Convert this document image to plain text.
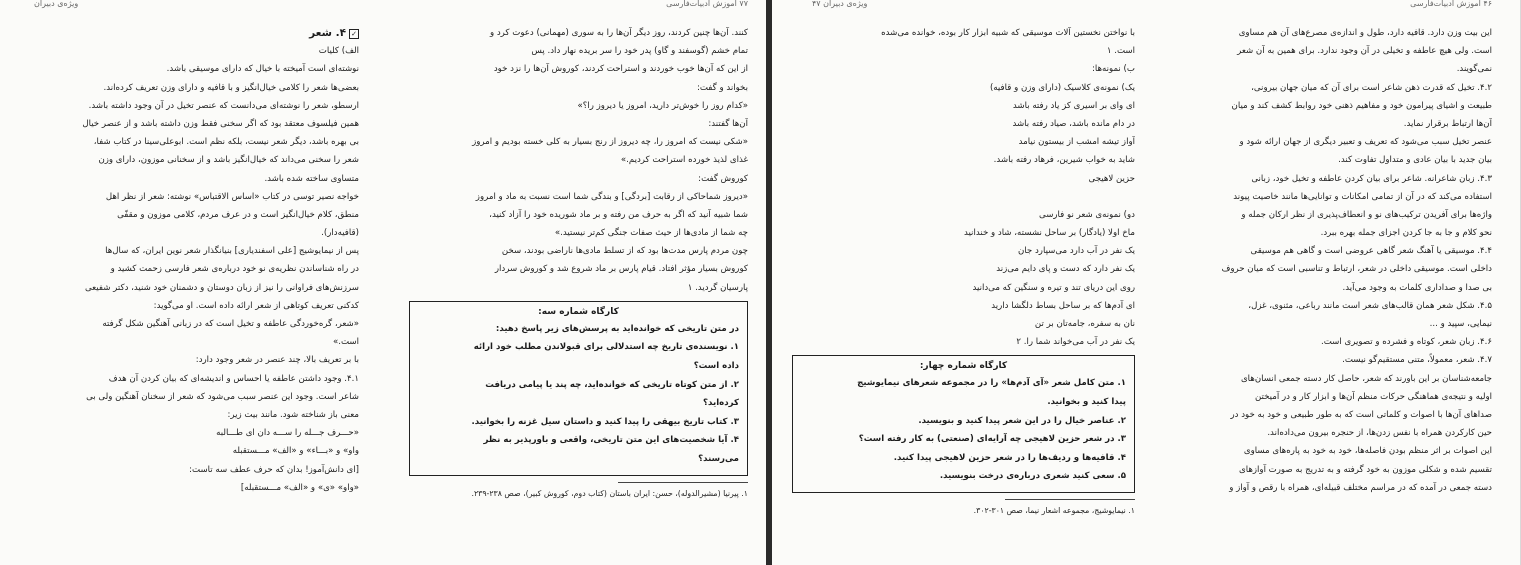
ویژه‌ی دبیران
✓۴. شعر
الف) کلیات
نوشته‌ای است آمیخته با خیال که دارای موسیقی باشد.
بعضی‌ها شعر را کلامی خیال‌انگیز و با قافیه و دارای وزن تعریف کرده‌اند.
ارسطو، شعر را نوشته‌ای می‌دانست که عنصر تخیل در آن وجود داشته باشد.
همین فیلسوف معتقد بود که اگر سخنی فقط وزن داشته باشد و از عنصر خیال
بی بهره باشد، دیگر شعر نیست، بلکه نظم است. ابوعلی‌سینا در کتاب شفا،
شعر را سخنی می‌داند که خیال‌انگیز باشد و از سخنانی موزون، دارای وزن
متساوی ساخته شده باشد.
خواجه نصیر توسی در کتاب «اساس الاقتباس» نوشته: شعر از نظر اهل
منطق، کلام خیال‌انگیز است و در عرف مردم، کلامی موزون و مقفّی
(قافیه‌دار).
پس از نیمایوشیج [علی اسفندیاری] بنیانگذار شعر نوین ایران، که سال‌ها
در راه شناساندن نظریه‌ی نو خود درباره‌ی شعر فارسی زحمت کشید و
سرزنش‌های فراوانی را نیز از زبان دوستان و دشمنان خود شنید، دکتر شفیعی
کدکنی تعریف کوتاهی از شعر ارائه داده است. او می‌گوید:
«شعر، گره‌خوردگی عاطفه و تخیل است که در زبانی آهنگین شکل گرفته
است.»
با بر تعریف بالا، چند عنصر در شعر وجود دارد:
۴.۱. وجود داشتن عاطفه یا احساس و اندیشه‌ای که بیان کردن آن هدف
شاعر است. وجود این عنصر سبب می‌شود که شعر از سخنان آهنگین ولی بی
معنی باز شناخته شود. مانند بیت زیر:
«حـــرف جـــله را ســـه دان ای طـــالبه
واو» و «بـــاء» و «الف» مـــستقبله
[ای دانش‌آموز! بدان که حرف عطف سه تاست:
«واو» «ی» و «الف» مـــستقبله]
۷۷ آموزش ادبیات‌فارسی
کنند. آن‌ها چنین کردند، روز دیگر آن‌ها را به سوری (مهمانی) دعوت کرد و
تمام خشم (گوسفند و گاو) پدر خود را سر بریده نهار داد. پس
از این که آن‌ها خوب خوردند و استراحت کردند، کوروش آن‌ها را نزد خود
بخواند و گفت:
«کدام روز را خوش‌تر دارید، امروز یا دیروز را؟»
آن‌ها گفتند:
«شکی نیست که امروز را، چه دیروز از رنج بسیار به کلی خسته بودیم و امروز
غذای لذیذ خورده استراحت کردیم.»
کوروش گفت:
«دیروز شماحاکی از رقابت [بردگی] و بندگی شما است نسبت به ماد و امروز
شما شبیه آنید که اگر به حرف من رفته و بر ماد شوریده خود را آزاد کنید،
چه شما از مادی‌ها از حیث صفات جنگی کم‌تر نیستید.»
چون مردم پارس مدت‌ها بود که از تسلط مادی‌ها ناراضی بودند، سخن
کوروش بسیار مؤثر افتاد. قیام پارس بر ماد شروع شد و کوروش سردار
پارسیان گردید. ۱
کارگاه شماره سه:
در متن تاریخی که خوانده‌اید به پرسش‌های زیر پاسخ دهید:
۱. نویسنده‌ی تاریخ چه استدلالی برای قبولاندن مطلب خود ارائه
داده است؟
۲. از متن کوتاه تاریخی که خوانده‌اید، چه پند یا پیامی دریافت
کرده‌اید؟
۳. کتاب تاریخ بیهقی را پیدا کنید و داستان سیل غزنه را بخوانید.
۴. آیا شخصیت‌های این متن تاریخی، واقعی و باورپذیر به نظر
می‌رسند؟
۱. پیرنیا (مشیرالدوله)، حسن: ایران باستان (کتاب دوم، کوروش کبیر)، صص ۲۳۸-۲۳۹.
۴۷ ویژه‌ی دبیران
با نواختن نخستین آلات موسیقی که شبیه ابزار کار بوده، خوانده می‌شده
است. ۱
ب) نمونه‌ها:
یک) نمونه‌ی کلاسیک (دارای وزن و قافیه)
ای وای بر اسیری کز یاد رفته باشد
در دام مانده باشد، صیاد رفته باشد
آواز تیشه امشب از بیستون نیامد
شاید به خواب شیرین، فرهاد رفته باشد.
حزین لاهیجی
دو) نمونه‌ی شعر نو فارسی
ماخ اولا (یادگار) بر ساحل نشسته، شاد و خندانید
یک نفر در آب دارد می‌سپارد جان
یک نفر دارد که دست و پای دایم می‌زند
روی این دریای تند و تیره و سنگین که می‌دانید
ای آدم‌ها که بر ساحل بساط دلگشا دارید
نان به سفره، جامه‌تان بر تن
یک نفر در آب می‌خواند شما را. ۲
کارگاه شماره چهار:
۱. متن کامل شعر «آی آدم‌ها» را در مجموعه شعرهای نیمایوشیج
پیدا کنید و بخوانید.
۲. عناصر خیال را در این شعر پیدا کنید و بنویسید.
۳. در شعر حزین لاهیجی چه آرایه‌ای (صنعتی) به کار رفته است؟
۴. قافیه‌ها و ردیف‌ها را در شعر حزین لاهیجی پیدا کنید.
۵. سعی کنید شعری درباره‌ی درخت بنویسید.
۱. نیمایوشیج، مجموعه اشعار نیما، صص ۳۰۱-۳۰۲.
۴۶ آموزش ادبیات‌فارسی
این بیت وزن دارد. قافیه دارد، طول و اندازه‌ی مصرع‌های آن هم مساوی
است. ولی هیچ عاطفه و تخیلی در آن وجود ندارد. برای همین به آن شعر
نمی‌گویند.
۴.۲. تخیل که قدرت ذهن شاعر است برای آن که میان جهان بیرونی،
طبیعت و اشیای پیرامون خود و مفاهیم ذهنی خود روابط کشف کند و میان
آن‌ها ارتباط برقرار نماید.
عنصر تخیل سبب می‌شود که تعریف و تعبیر دیگری از جهان ارائه شود و
بیان جدید با بیان عادی و متداول تفاوت کند.
۴.۳. زبان شاعرانه. شاعر برای بیان کردن عاطفه و تخیل خود، زبانی
استفاده می‌کند که در آن از تمامی امکانات و توانایی‌ها مانند خاصیت پیوند
واژه‌ها برای آفریدن ترکیب‌های نو و انعطاف‌پذیری از نظر ارکان جمله و
نحو کلام و جا به جا کردن اجزای جمله بهره ببرد.
۴.۴. موسیقی یا آهنگ شعر گاهی عروضی است و گاهی هم موسیقی
داخلی است. موسیقی داخلی در شعر، ارتباط و تناسبی است که میان حروف
بی صدا و صداداری کلمات به وجود می‌آید.
۴.۵. شکل شعر همان قالب‌های شعر است مانند رباعی، مثنوی، غزل،
نیمایی، سپید و ...
۴.۶. زبان شعر، کوتاه و فشرده و تصویری است.
۴.۷. شعر، معمولاً، متنی مستقیم‌گو نیست.
جامعه‌شناسان بر این باورند که شعر، حاصل کار دسته جمعی انسان‌های
اولیه و نتیجه‌ی هماهنگی حرکات منظم آن‌ها و ابزار کار و در آمیختن
صداهای آن‌ها با اصوات و کلماتی است که به طور طبیعی و خود به خود در
حین کارکردن همراه با نفس زدن‌ها، از حنجره بیرون می‌داده‌اند.
این اصوات بر اثر منظم بودن فاصله‌ها، خود به خود به پاره‌های مساوی
تقسیم شده و شکلی موزون به خود گرفته و به تدریج به صورت آوازهای
دسته جمعی در آمده که در مراسم مختلف قبیله‌ای، همراه با رقص و آواز و
